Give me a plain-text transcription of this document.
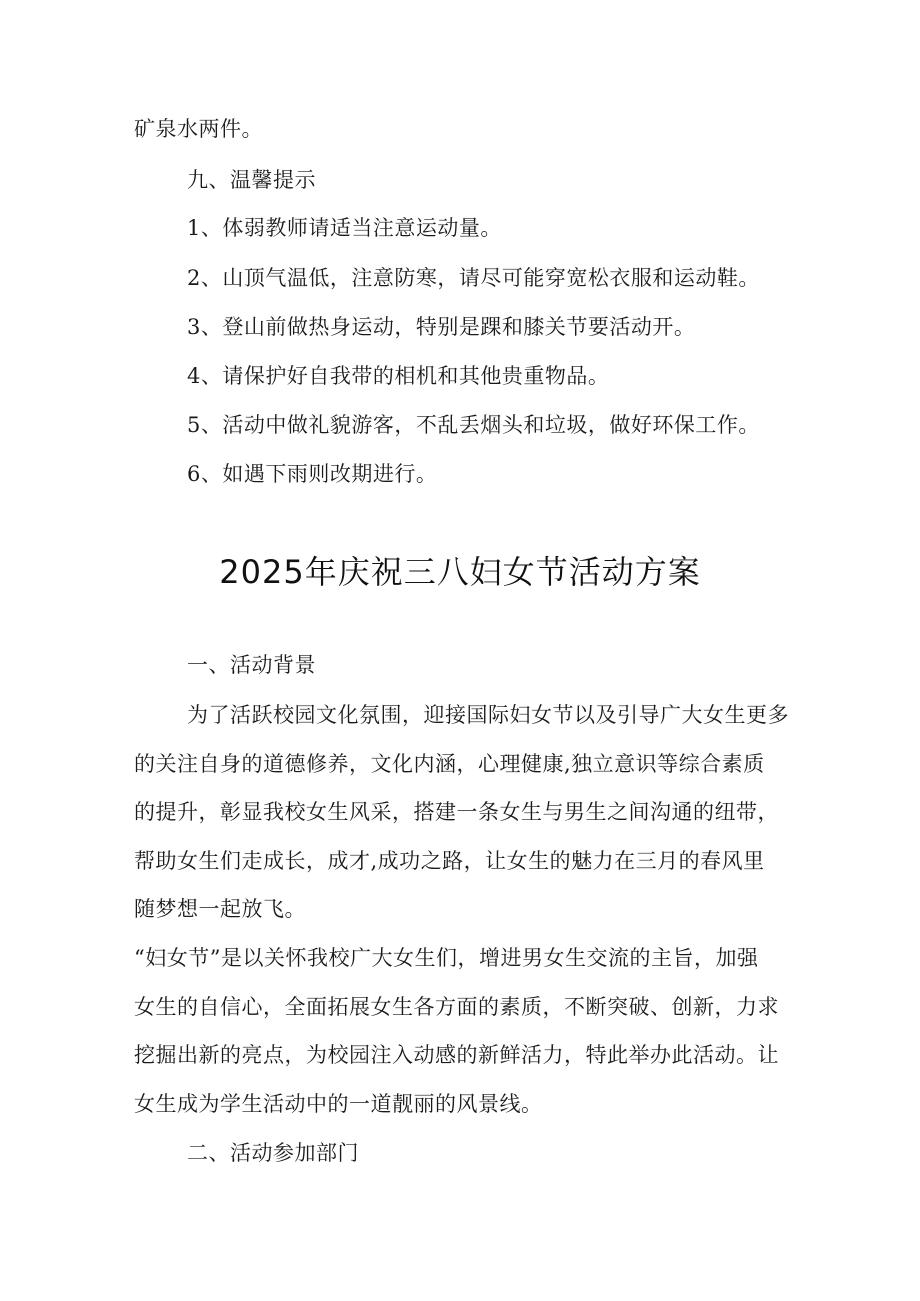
矿泉水两件。
九、温馨提示
1、体弱教师请适当注意运动量。
2、山顶气温低，注意防寒，请尽可能穿宽松衣服和运动鞋。
3、登山前做热身运动，特别是踝和膝关节要活动开。
4、请保护好自我带的相机和其他贵重物品。
5、活动中做礼貌游客，不乱丢烟头和垃圾，做好环保工作。
6、如遇下雨则改期进行。
2025年庆祝三八妇女节活动方案
一、活动背景
为了活跃校园文化氛围，迎接国际妇女节以及引导广大女生更多
的关注自身的道德修养，文化内涵，心理健康,独立意识等综合素质
的提升，彰显我校女生风采，搭建一条女生与男生之间沟通的纽带，
帮助女生们走成长，成才,成功之路，让女生的魅力在三月的春风里
随梦想一起放飞。
“妇女节”是以关怀我校广大女生们，增进男女生交流的主旨，加强
女生的自信心，全面拓展女生各方面的素质，不断突破、创新，力求
挖掘出新的亮点，为校园注入动感的新鲜活力，特此举办此活动。让
女生成为学生活动中的一道靓丽的风景线。
二、活动参加部门
